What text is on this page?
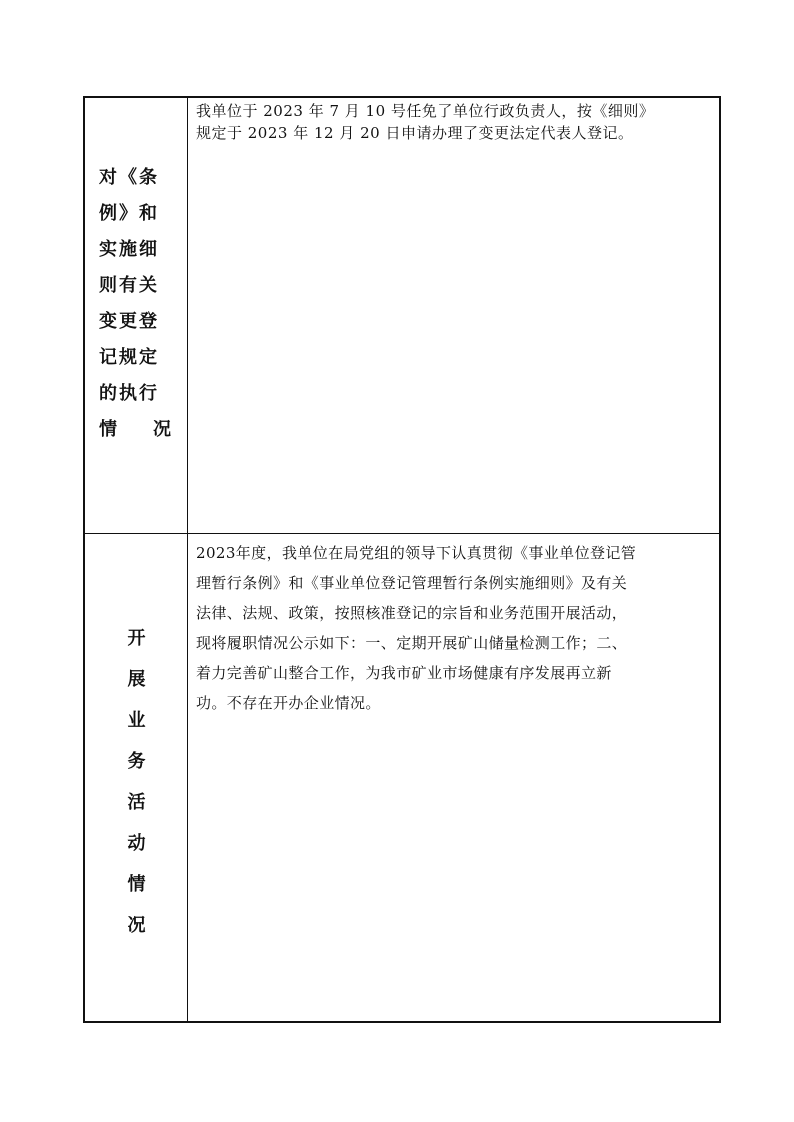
对《条
例》和
实施细
则有关
变更登
记规定
的执行
情况

我单位于 2023 年 7 月 10 号任免了单位行政负责人，按《细则》
规定于 2023 年 12 月 20 日申请办理了变更法定代表人登记。

开
展
业
务
活
动
情
况

2023年度，我单位在局党组的领导下认真贯彻《事业单位登记管
理暂行条例》和《事业单位登记管理暂行条例实施细则》及有关
法律、法规、政策，按照核准登记的宗旨和业务范围开展活动，
现将履职情况公示如下：一、定期开展矿山储量检测工作；二、
着力完善矿山整合工作，为我市矿业市场健康有序发展再立新
功。不存在开办企业情况。
